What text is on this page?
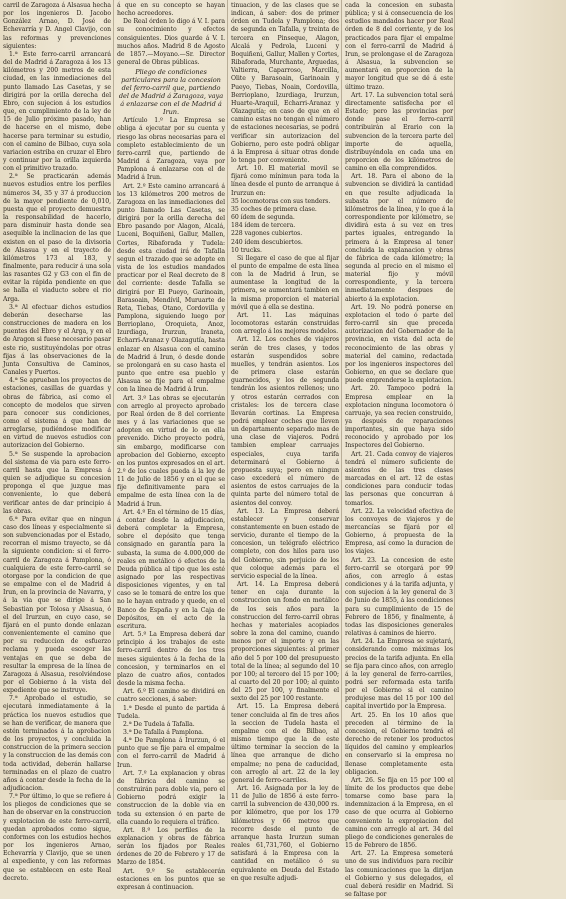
carril de Zaragoza á Alsasua hecha por los ingenieros D. Jacobo González Arnao, D. José de Echevarría y D. Angel Clavijo, con las reformas y prevenciones siguientes:

1.ª Este ferro-carril arrancará del de Madrid á Zaragoza á los 13 kilómetros y 200 metros de esta ciudad, en las inmediaciones del punto llamado Las Casetas, y se dirigirá por la orilla derecha del Ebro, con sujecion á los estudios que, en cumplimiento de la ley de 15 de Julio próximo pasado, han de hacerse en el mismo, debe hacerse para terminar su estudio, con el camino de Bilbao, cuya sola variacion estriba en cruzar el Ebro y continuar por la orilla izquierda con el primitivo trazado.

2.ª Se practicarán además nuevos estudios entre los perfiles números 34, 35 y 37 á produccion de la mayor pendiente de 0,010, puesta que el proyecto demuestra la responsabilidad de hacerlo, para disminuir hasta donde sea asequible la inclinacion de las que existen en el paso de la divisoria de Alsasua y en el trayecto de kilómetros 173 al 183, y finalmente, para reducir á una sola las rasantes G2 y G3 con el fin de evitar la rápida pendiente en que se halla el viaducto sobre el rio Arga.

3.ª Al efectuar dichos estudios deberán desecharse las construcciones de madera en los puentes del Ebro y el Arga, y en el de Aragon si fuese necesario pasar este rio, sustituyéndolas por otras fijas á las observaciones de la Junta Consultiva de Caminos, Canales y Puertos.

4.ª Se aprueban los proyectos de estaciones, casillas de guardas y obras de fábrica, así como el concepto de modelos que sirven para conocer sus condiciones, como el sistema á que han de arreglarse, pudiéndose modificar en virtud de nuevos estudios con autorizacion del Gobierno.

5.ª Se suspende la aprobacion del sistema de via para este ferro-carril hasta que la Empresa á quien se adjudique su concesion proponga el que juzgue mas conveniente, lo que deberá verificar antes de dar principio á las obras.

6.ª Para evitar que en ningun caso dos líneas y especialmente si son subvencionadas por el Estado, recorran el mismo trayecto, se dá la siguiente condicion: si el ferro-carril de Zaragoza á Pamplona, ó cualquiera de este ferro-carril se otorgase por la condicion de que se empalme con el de Madrid á Irun, en la provincia de Navarra, y á la via que se dirige á San Sebastian por Tolosa y Alsasua, ó el del Irurzun, en cuyo caso, se fijará en el punto donde enlazan convenientemente el camino que por su reduccion de esfuerzo reclama y pueda escoger las ventajas en que se deba de resultar la empresa de la línea de Zaragoza á Alsasua, resolviéndose por el Gobierno á la vista del expediente que se instruye.

7.ª Aprobado el estudio, se ejecutará inmediatamente á la práctica los nuevos estudios que se han de verificar, de manera que estén terminados á la aprobacion de los proyectos, y concluida la construccion de la primera seccion y la construccion de las demás con toda actividad, deberán hallarse terminadas en el plazo de cuatro años á contar desde la fecha de la adjudicacion.

7.ª Por último, lo que se refiere á los pliegos de condiciones que se han de observar en la construccion y explotacion de este ferro-carril, quedan aprobados como sigue, conformes con los estudios hechos por los ingenieros Arnao, Echevarría y Clavijo, que se unen al expediente, y con las reformas que se establecen en este Real decreto.

á que en su concepto se hayan hecho acreedores.

De Real órden lo digo á V. I. para su conocimiento y efectos consiguientes. Dios guarde á V. I. muchos años. Madrid 8 de Agosto de 1857.—Moyano.—Sr. Director general de Obras públicas.

Pliego de condiciones particulares para la concesion del ferro-carril que, partiendo del de Madrid á Zaragoza, vaya á enlazarse con el de Madrid á Irun.

Artículo 1.º La Empresa se obliga á ejecutar por su cuenta y riesgo las obras necesarias para el completo establecimiento de un ferro-carril que, partiendo de Madrid á Zaragoza, vaya por Pamplona á enlazarse con el de Madrid á Irun.

Art. 2.º Este camino arrancará á los 13 kilómetros 200 metros de Zaragoza en las inmediaciones del punto llamado Las Casetas, se dirigirá por la orilla derecha del Ebro pasando por Alagon, Alcalá, Luceni, Boquiñeni, Gallur, Mallen, Cortes, Ribaforada y Tudela: desde esta ciudad irá de Tafalla segun el trazado que se adopte en vista de los estudios mandados practicar por el Real decreto de 8 del corriente: desde Tafalla se dirigirá por El Pueyo, Garinoain, Barasoain, Mendívil, Muruarte de Reta, Tiebas, Otano, Cordovilla y Pamplona, siguiendo luego por Berrioplano, Oroquieta, Anoz, Izurdiaga, Irurzun, Iraneta, Echarri-Aranaz y Olazagutía, hasta enlazar en Alsasua con el camino de Madrid á Irun, ó desde donde se prolongará en su caso hasta el punto que entre esa pueblo y Alsasua se fije para el empalme con la línea de Madrid á Irun.

Art. 3.º Las obras se ejecutarán con arreglo al proyecto aprobado por Real órden de 8 del corriente mes y á las variaciones que se adopten en virtud de lo en ella prevenido. Dicho proyecto podrá, sin embargo, modificarse con aprobacion del Gobierno, excepto en los puntos expresados en el art. 2.º de los cuales pueda á la ley de 11 de Julio de 1856 y en el que se fije definitivamente para el empalme de esta línea con la de Madrid á Irun.

Art. 4.º En el término de 15 días, á contar desde la adjudicacion, deberá completar la Empresa, sobre el depósito que tenga consignado en garantía para la subasta, la suma de 4.000,000 de reales en metálico ó efectos de la Deuda pública al tipo que les esté asignado por las respectivas disposiciones vigentes, y en tal caso se le tomará de entre los que no le hayan entrado y quede, en el Banco de España y en la Caja de Depósitos, en el acto de la escritura.

Art. 5.º La Empresa deberá dar principio á los trabajos de este ferro-carril dentro de los tres meses siguientes á la fecha de la concesion, y terminarlos en el plazo de cuatro años, contados desde la misma fecha.

Art. 6.º El camino se dividirá en cuatro secciones, á saber:

1.ª Desde el punto de partida á Tudela.

2.ª De Tudela á Tafalla.

3.ª De Tafalla á Pamplona.

4.ª De Pamplona á Irurzun, ó el punto que se fije para el empalme con el ferro-carril de Madrid á Irun.

Art. 7.º La explanacion y obras de fábrica del camino se construirán para doble via, pero el Gobierno podrá exigir la construccion de la doble via en toda su extension ó en parte de ella cuando lo requiera el tráfico.

Art. 8.º Los perfiles de la explanacion y obras de fábrica serán los fijados por Reales órdenes de 20 de Febrero y 17 de Marzo de 1854.

Art. 9.º Se establecerán estaciones en los puntos que se expresan á continuacion.

tinuacion, y de las clases que se indican, á saber: dos de primer órden en Tudela y Pamplona; dos de segunda en Tafalla, y treinta de tercera en Pinseque, Alagon, Alcalá y Pedrola, Luceni y Boquiñeni, Gallur, Mallen y Cortes, Ribaforada, Murchante, Arguedas, Valtierra, Caparroso, Marcilla, Olite y Barasoain, Garinoain y Pueyo, Tiebas, Noain, Cordovilla, Berrioplano, Izurdiaga, Irurzun, Huarte-Araquil, Echarri-Aranaz y Olazagutía; en caso de que en el camino estas no tengan el número de estaciones necesarias, se podrá verificar sin autorizacion del Gobierno, pero este podrá obligar á la Empresa á situar otras donde lo tenga por conveniente.

Art. 10. El material movil se fijará como mínimun para toda la línea desde el punto de arranque á Irurzun en:

35 locomotoras con sus tenders.

35 coches de primera clase.

60 ídem de segunda.

184 ídem de tercera.

228 vagones cubiertos.

240 ídem descubiertos.

10 trucks.

Si llegare el caso de que al fijar el punto de empalme de esta línea con la de Madrid á Irun, se aumentase la longitud de la primera, se aumentará tambien en la misma proporcion el material móvil que á ella se destina.

Art. 11. Las máquinas locomotoras estarán construidas con arreglo á los mejores modelos.

Art. 12. Los coches de viajeros serán de tres clases, y todos estarán suspendidos sobre muelles, y tendrán asientos. Los de primera clase estarán guarnecidos, y los de segunda tendrán los asientos rellenos; uno y otros estarán cerrados con cristales: los de tercera clase llevarán cortinas. La Empresa podrá emplear coches que lleven un departamento separado mas de una clase de viajeros. Podrá tambien emplear carruajes especiales, cuya tarifa determinará el Gobierno á propuesta suya; pero en ningun caso excederá el número de asientos de estos carruajes de la quinta parte del número total de asientos del convoy.

Art. 13. La Empresa deberá establecer y conservar constantemente en buen estado de servicio, durante el tiempo de la concesion, un telégrafo eléctrico completo, con dos hilos para uso del Gobierno, sin perjuicio de los que coloque además para el servicio especial de la línea.

Art. 14. La Empresa deberá tener en caja durante la construccion un fondo en metálico de los seis años para la construccion del ferro-carril obras hechas y materiales acopiados sobre la zona del camino, cuando menos por el importe y en las proporciones siguientes: al primer año del 5 por 100 del presupuesto total de la línea; al segundo del 10 por 100; al tercero del 15 por 100; al cuarto del 20 por 100; al quinto del 25 por 100, y finalmente el sexto del 25 por 100 restante.

Art. 15. La Empresa deberá tener concluida al fin de tres años la seccion de Tudela hasta el empalme con el de Bilbao, al mismo tiempo que la de este último terminar la seccion de la línea que arranque de dicho empalme; no pena de caducidad, con arreglo al art. 22 de la ley general de ferro-carriles.

Art. 16. Asignada por la ley de 11 de Julio de 1856 á este ferro-carril la subvencion de 430,000 rs. por kilómetro, que por los 179 kilómetros y 66 metros que recorre desde el punto de arranque hasta Irurzun suman reales 61,731,760, el Gobierno satisfará á la Empresa con la cantidad en metálico ó su equivalente en Deuda del Estado en que resulte adjudi-

cada la concesion en subasta pública; y si á consecuencia de los estudios mandados hacer por Real órden de 8 del corriente, y de los practicados para fijar el empalme con el ferro-carril de Madrid á Irun, se prolongase el de Zaragoza á Alsasua, la subvencion se aumentará en proporcion de la mayor longitud que se dé á este último trazo.

Art. 17. La subvencion total será directamente satisfecha por el Estado; pero las provincias por donde pase el ferro-carril contribuirán al Erario con la subvencion de la tercera parte del importe de aquella, distribuyéndola en cada una en proporcion de los kilómetros de camino en ella comprendidos.

Art. 18. Para el abono de la subvencion se dividirá la cantidad en que resulte adjudicada la subasta por el número de kilómetros de la línea, y lo que á la correspondiente por kilómetro, se dividirá esta á su vez en tres partes iguales, entregando la primera á la Empresa al tener concluida la explanacion y obras de fábrica de cada kilómetro; la segunda al precio en el mismo el material fijo y móvil correspondiente, y la tercera inmediatamente despues de abierto á la explotacion.

Art. 19. No podrá ponerse en explotacion el todo ó parte del ferro-carril sin que preceda autorizacion del Gobernador de la provincia, en vista del acta de reconocimiento de las obras y material del camino, redactada por los ingenieros inspectores del Gobierno, en que se declare que puede emprenderse la explotacion.

Art. 20. Tampoco podrá la Empresa emplear en la explotacion ninguna locomotora ó carruaje, ya sea recien construido, ya después de reparaciones importantes, sin que haya sido reconocido y aprobado por los Inspectores del Gobierno.

Art. 21. Cada convoy de viajeros tendrá el número suficiente de asientos de las tres clases marcadas en el art. 12 de estas condiciones para conducir todas las personas que concurran á tomarlos.

Art. 22. La velocidad efectiva de los convoyes de viajeros y de mercancías se fijará por el Gobierno, á propuesta de la Empresa, así como la duracion de los viajes.

Art. 23. La concesion de este ferro-carril se otorgará por 99 años, con arreglo á estas condiciones y á la tarifa adjunta, y con sujecion á la ley general de 3 de Junio de 1855, á las condiciones para su cumplimiento de 15 de Febrero de 1856, y finalmente, á todas las disposiciones generales relativas á caminos de hierro.

Art. 24. La Empresa se sujetará, considerando como máximas los precios de la tarifa adjunta. En ella se fija para cinco años, con arreglo á la ley general de ferro-carriles, podrá ser reformada esta tarifa por el Gobierno si el camino produjese mas del 15 por 100 del capital invertido por la Empresa.

Art. 25. En los 10 años que preceden al término de la concesion, el Gobierno tendrá el derecho de retener los productos líquidos del camino y emplearlos en conservarlo si la empresa no llenase completamente esta obligacion.

Art. 26. Se fija en 15 por 100 el límite de los productos que debe tomarse como base para la indemnizacion á la Empresa, en el caso de que ocurra al Gobierno conveniente la expropiacion del camino con arreglo al art. 34 del pliego de condiciones generales de 15 de Febrero de 1856.

Art. 27. La Empresa someterá uno de sus individuos para recibir las comunicaciones que la dirijan el Gobierno y sus delegados, el cual deberá residir en Madrid. Si se faltase por
